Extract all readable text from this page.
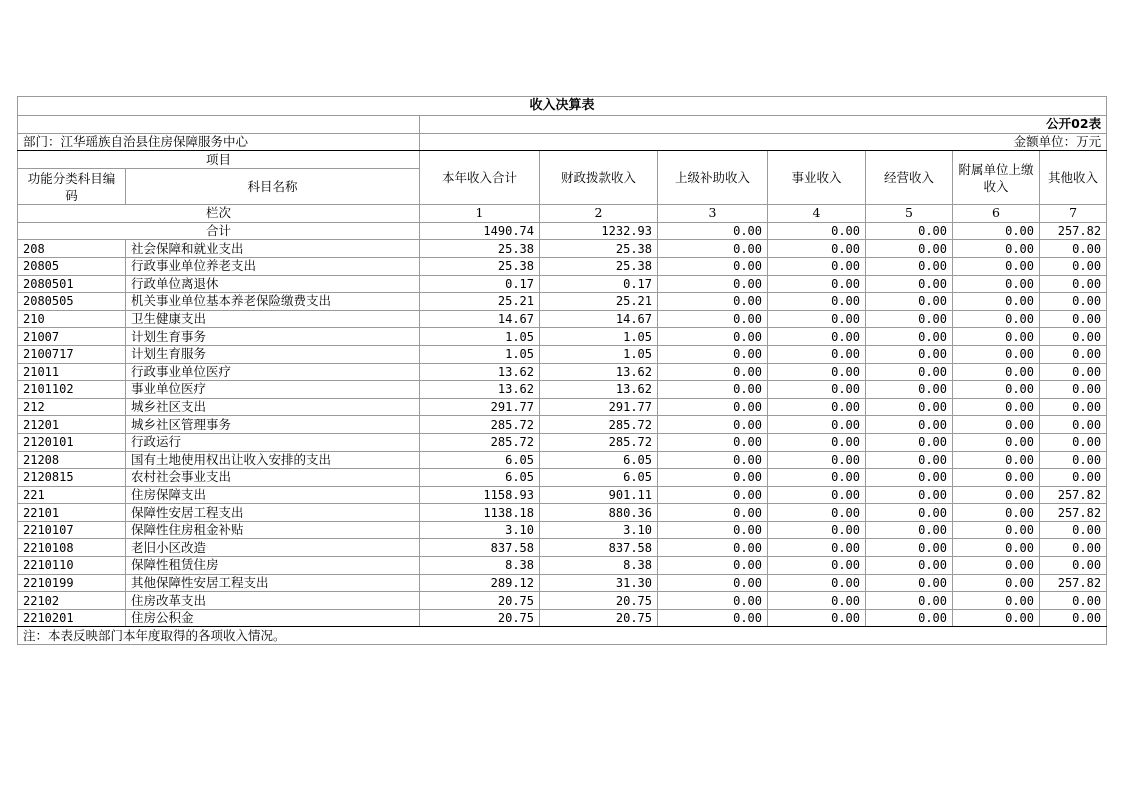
收入决算表								
		公开02表						
部门：江华瑶族自治县住房保障服务中心		金额单位：万元						
项目		本年收入合计	财政拨款收入	上级补助收入	事业收入	经营收入	附属单位上缴收入	其他收入
功能分类科目编码	科目名称							
栏次		1	2	3	4	5	6	7
合计		1490.74	1232.93	0.00	0.00	0.00	0.00	257.82
208	社会保障和就业支出	25.38	25.38	0.00	0.00	0.00	0.00	0.00
20805	行政事业单位养老支出	25.38	25.38	0.00	0.00	0.00	0.00	0.00
2080501	行政单位离退休	0.17	0.17	0.00	0.00	0.00	0.00	0.00
2080505	机关事业单位基本养老保险缴费支出	25.21	25.21	0.00	0.00	0.00	0.00	0.00
210	卫生健康支出	14.67	14.67	0.00	0.00	0.00	0.00	0.00
21007	计划生育事务	1.05	1.05	0.00	0.00	0.00	0.00	0.00
2100717	计划生育服务	1.05	1.05	0.00	0.00	0.00	0.00	0.00
21011	行政事业单位医疗	13.62	13.62	0.00	0.00	0.00	0.00	0.00
2101102	事业单位医疗	13.62	13.62	0.00	0.00	0.00	0.00	0.00
212	城乡社区支出	291.77	291.77	0.00	0.00	0.00	0.00	0.00
21201	城乡社区管理事务	285.72	285.72	0.00	0.00	0.00	0.00	0.00
2120101	行政运行	285.72	285.72	0.00	0.00	0.00	0.00	0.00
21208	国有土地使用权出让收入安排的支出	6.05	6.05	0.00	0.00	0.00	0.00	0.00
2120815	农村社会事业支出	6.05	6.05	0.00	0.00	0.00	0.00	0.00
221	住房保障支出	1158.93	901.11	0.00	0.00	0.00	0.00	257.82
22101	保障性安居工程支出	1138.18	880.36	0.00	0.00	0.00	0.00	257.82
2210107	保障性住房租金补贴	3.10	3.10	0.00	0.00	0.00	0.00	0.00
2210108	老旧小区改造	837.58	837.58	0.00	0.00	0.00	0.00	0.00
2210110	保障性租赁住房	8.38	8.38	0.00	0.00	0.00	0.00	0.00
2210199	其他保障性安居工程支出	289.12	31.30	0.00	0.00	0.00	0.00	257.82
22102	住房改革支出	20.75	20.75	0.00	0.00	0.00	0.00	0.00
2210201	住房公积金	20.75	20.75	0.00	0.00	0.00	0.00	0.00
注：本表反映部门本年度取得的各项收入情况。								
